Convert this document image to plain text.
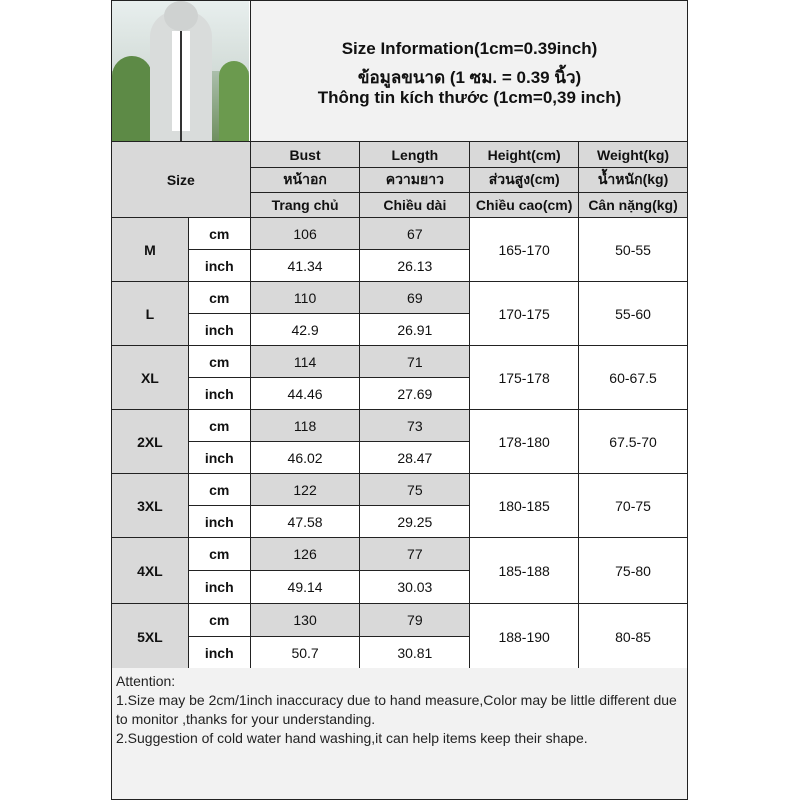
Size Information(1cm=0.39inch)
ข้อมูลขนาด (1 ซม. = 0.39 นิ้ว)
Thông tin kích thước (1cm=0,39 inch)
Size		Bust	Length	Height(cm)	Weight(kg)
		หน้าอก	ความยาว	ส่วนสูง(cm)	น้ำหนัก(kg)
		Trang chủ	Chiều dài	Chiều cao(cm)	Cân nặng(kg)
M	cm	106	67	165-170	50-55
	inch	41.34	26.13		
L	cm	110	69	170-175	55-60
	inch	42.9	26.91		
XL	cm	114	71	175-178	60-67.5
	inch	44.46	27.69		
2XL	cm	118	73	178-180	67.5-70
	inch	46.02	28.47		
3XL	cm	122	75	180-185	70-75
	inch	47.58	29.25		
4XL	cm	126	77	185-188	75-80
	inch	49.14	30.03		
5XL	cm	130	79	188-190	80-85
	inch	50.7	30.81		
Attention:
1.Size may be 2cm/1inch inaccuracy due to hand measure,Color may be little different due to monitor ,thanks for your understanding.
2.Suggestion of cold water hand washing,it can help items keep their shape.
